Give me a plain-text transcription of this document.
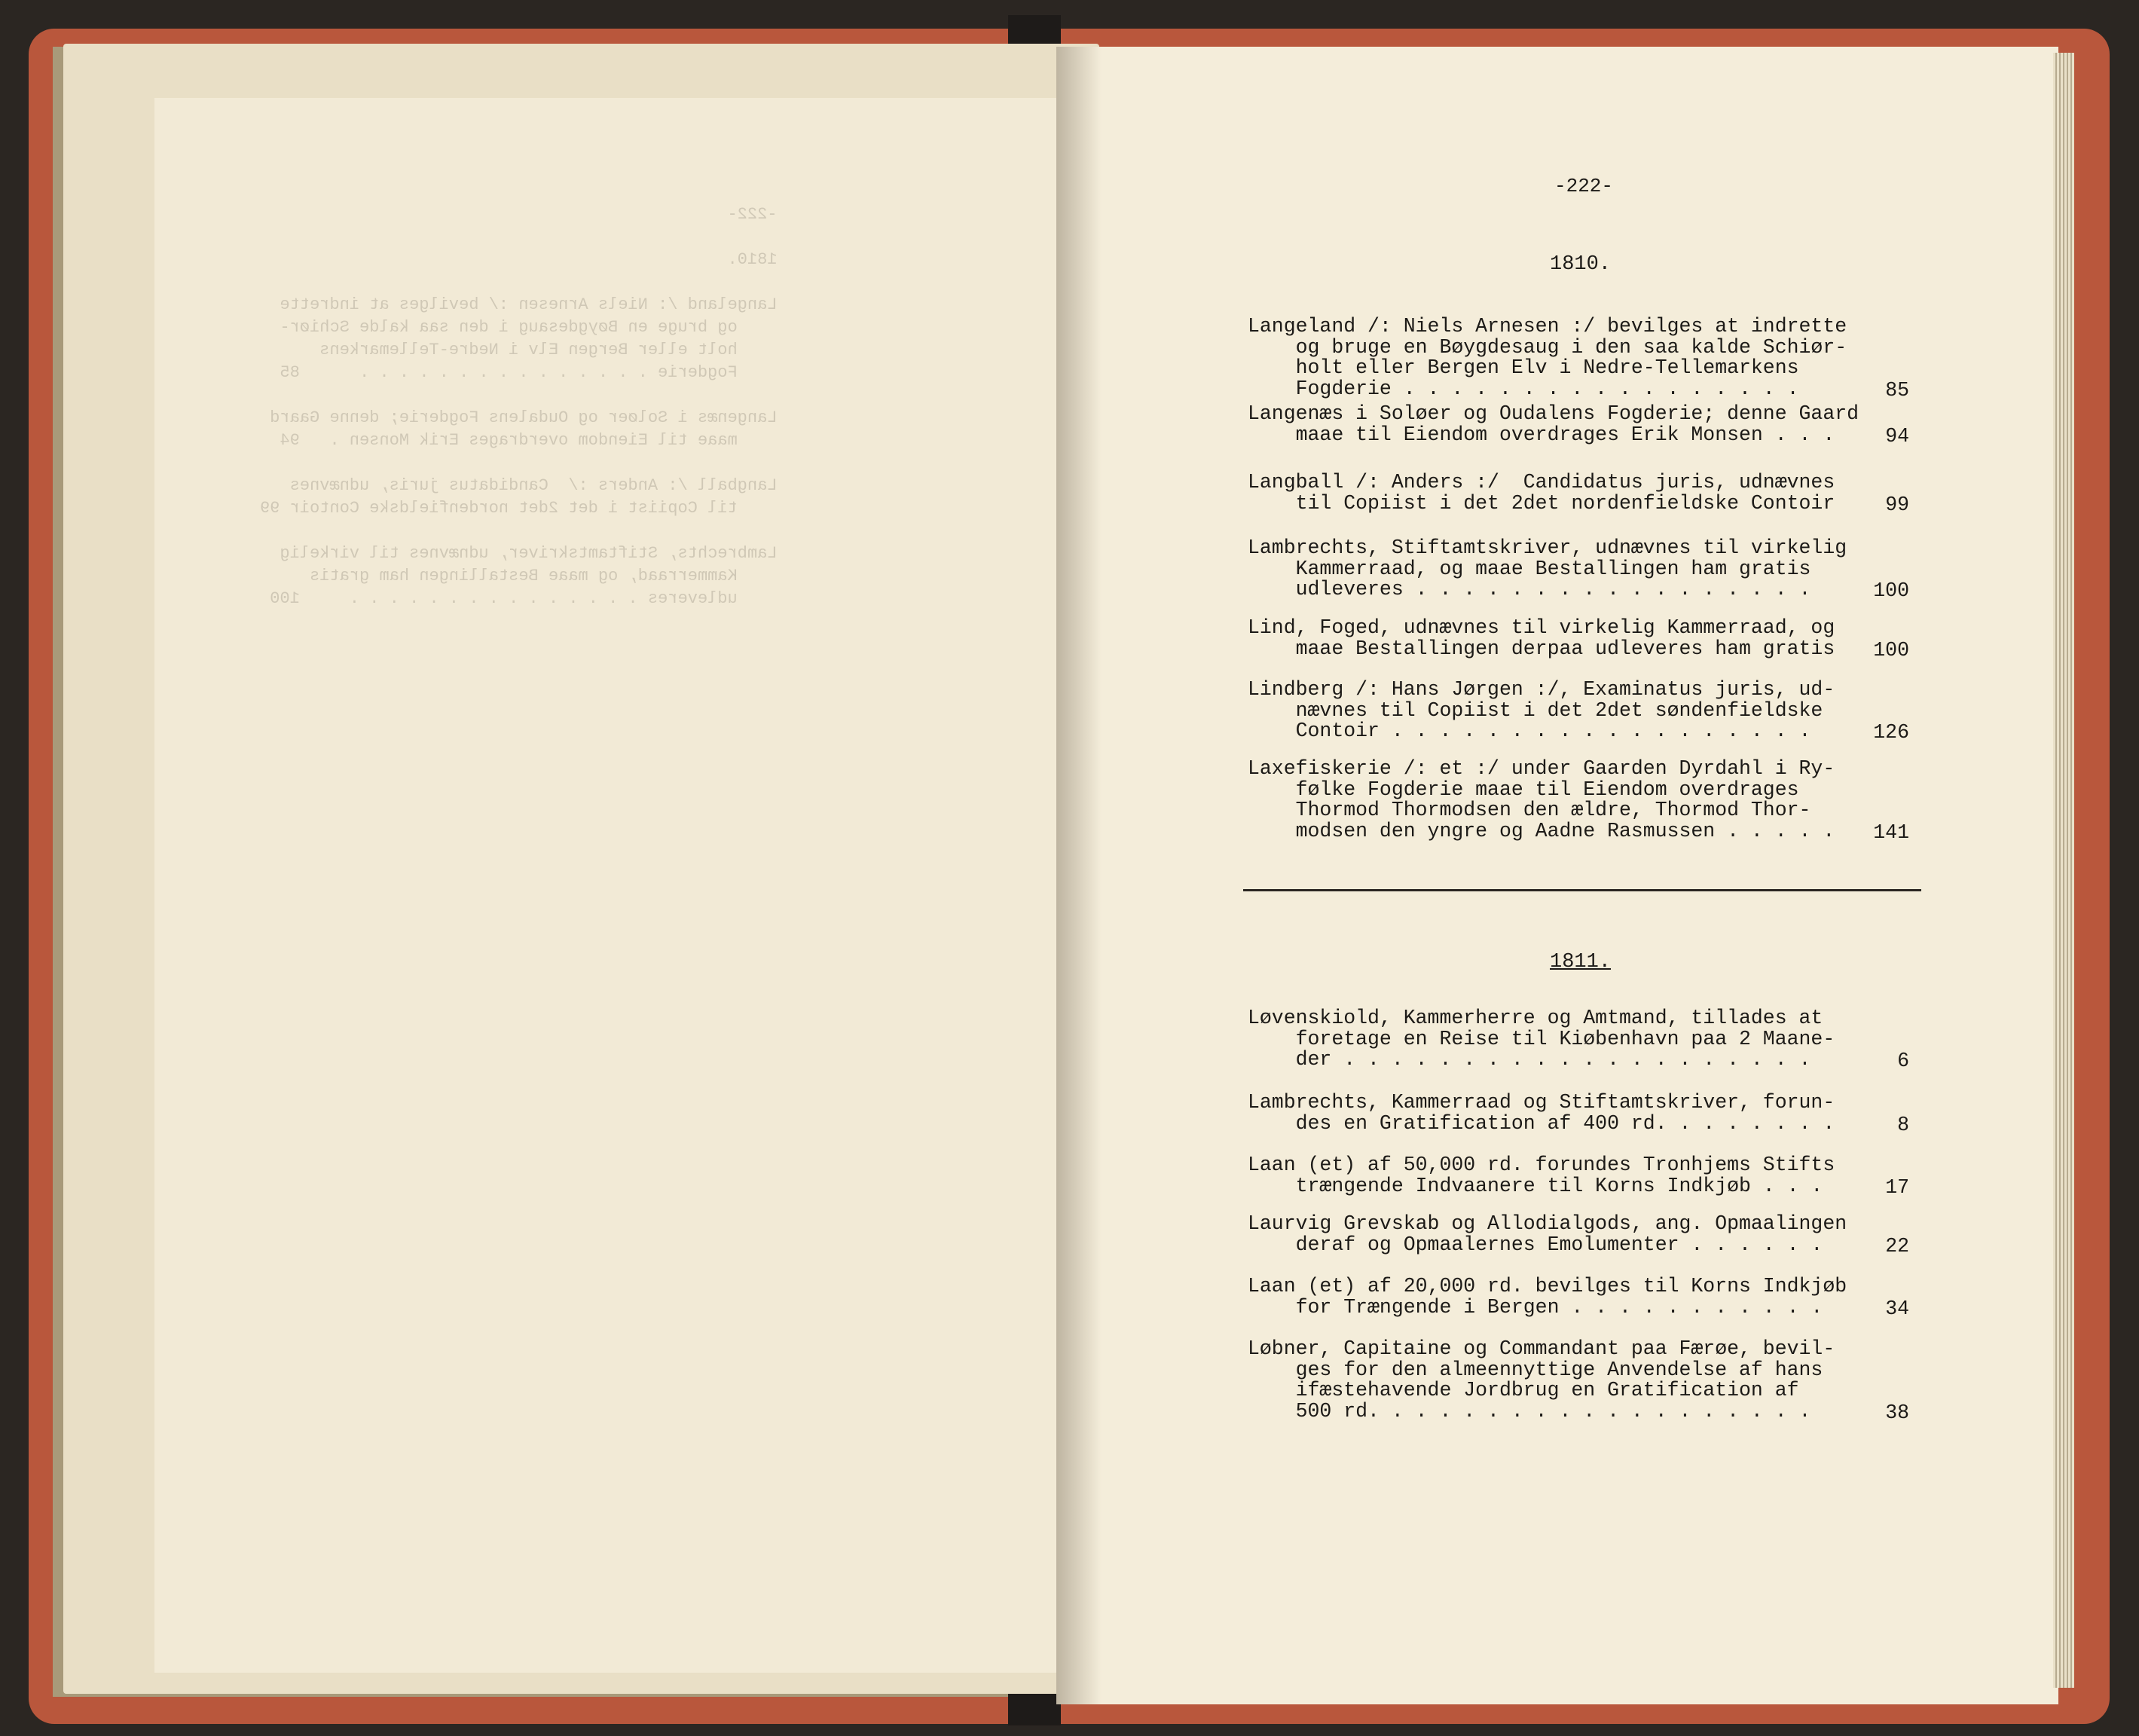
-222-

1810.

Langeland /: Niels Arnesen :/ bevilges at indrette
og bruge en Bøygdesaug i den saa kalde Schiør-
holt eller Bergen Elv i Nedre-Tellemarkens
Fogderie . . . . . . . . . . . . . . .      85

Langenæs i Soløer og Oudalens Fogderie; denne Gaard
maae til Eiendom overdrages Erik Monsen .   94

Langball /: Anders :/  Candidatus juris, udnævnes
til Copiist i det 2det nordenfieldske Contoir 99

Lambrechts, Stiftamtskriver, udnævnes til virkelig
Kammerraad, og maae Bestallingen ham gratis
udleveres . . . . . . . . . . . . . . .     100

-222-
1810.
Langeland /: Niels Arnesen :/ bevilges at indrette
og bruge en Bøygdesaug i den saa kalde Schiør-
holt eller Bergen Elv i Nedre-Tellemarkens
Fogderie . . . . . . . . . . . . . . . . .	85
Langenæs i Soløer og Oudalens Fogderie; denne Gaard
maae til Eiendom overdrages Erik Monsen . . .	94
Langball /: Anders :/  Candidatus juris, udnævnes
til Copiist i det 2det nordenfieldske Contoir	99
Lambrechts, Stiftamtskriver, udnævnes til virkelig
Kammerraad, og maae Bestallingen ham gratis
udleveres . . . . . . . . . . . . . . . . .	100
Lind, Foged, udnævnes til virkelig Kammerraad, og
maae Bestallingen derpaa udleveres ham gratis	100
Lindberg /: Hans Jørgen :/, Examinatus juris, ud-
nævnes til Copiist i det 2det søndenfieldske
Contoir . . . . . . . . . . . . . . . . . .	126
Laxefiskerie /: et :/ under Gaarden Dyrdahl i Ry-
følke Fogderie maae til Eiendom overdrages
Thormod Thormodsen den ældre, Thormod Thor-
modsen den yngre og Aadne Rasmussen . . . . .	141
1811.
Løvenskiold, Kammerherre og Amtmand, tillades at
foretage en Reise til Kiøbenhavn paa 2 Maane-
der . . . . . . . . . . . . . . . . . . . .	6
Lambrechts, Kammerraad og Stiftamtskriver, forun-
des en Gratification af 400 rd. . . . . . . .	8
Laan (et) af 50,000 rd. forundes Tronhjems Stifts
trængende Indvaanere til Korns Indkjøb . . .	17
Laurvig Grevskab og Allodialgods, ang. Opmaalingen
deraf og Opmaalernes Emolumenter . . . . . .	22
Laan (et) af 20,000 rd. bevilges til Korns Indkjøb
for Trængende i Bergen . . . . . . . . . . .	34
Løbner, Capitaine og Commandant paa Færøe, bevil-
ges for den almeennyttige Anvendelse af hans
ifæstehavende Jordbrug en Gratification af
500 rd. . . . . . . . . . . . . . . . . . .	38
